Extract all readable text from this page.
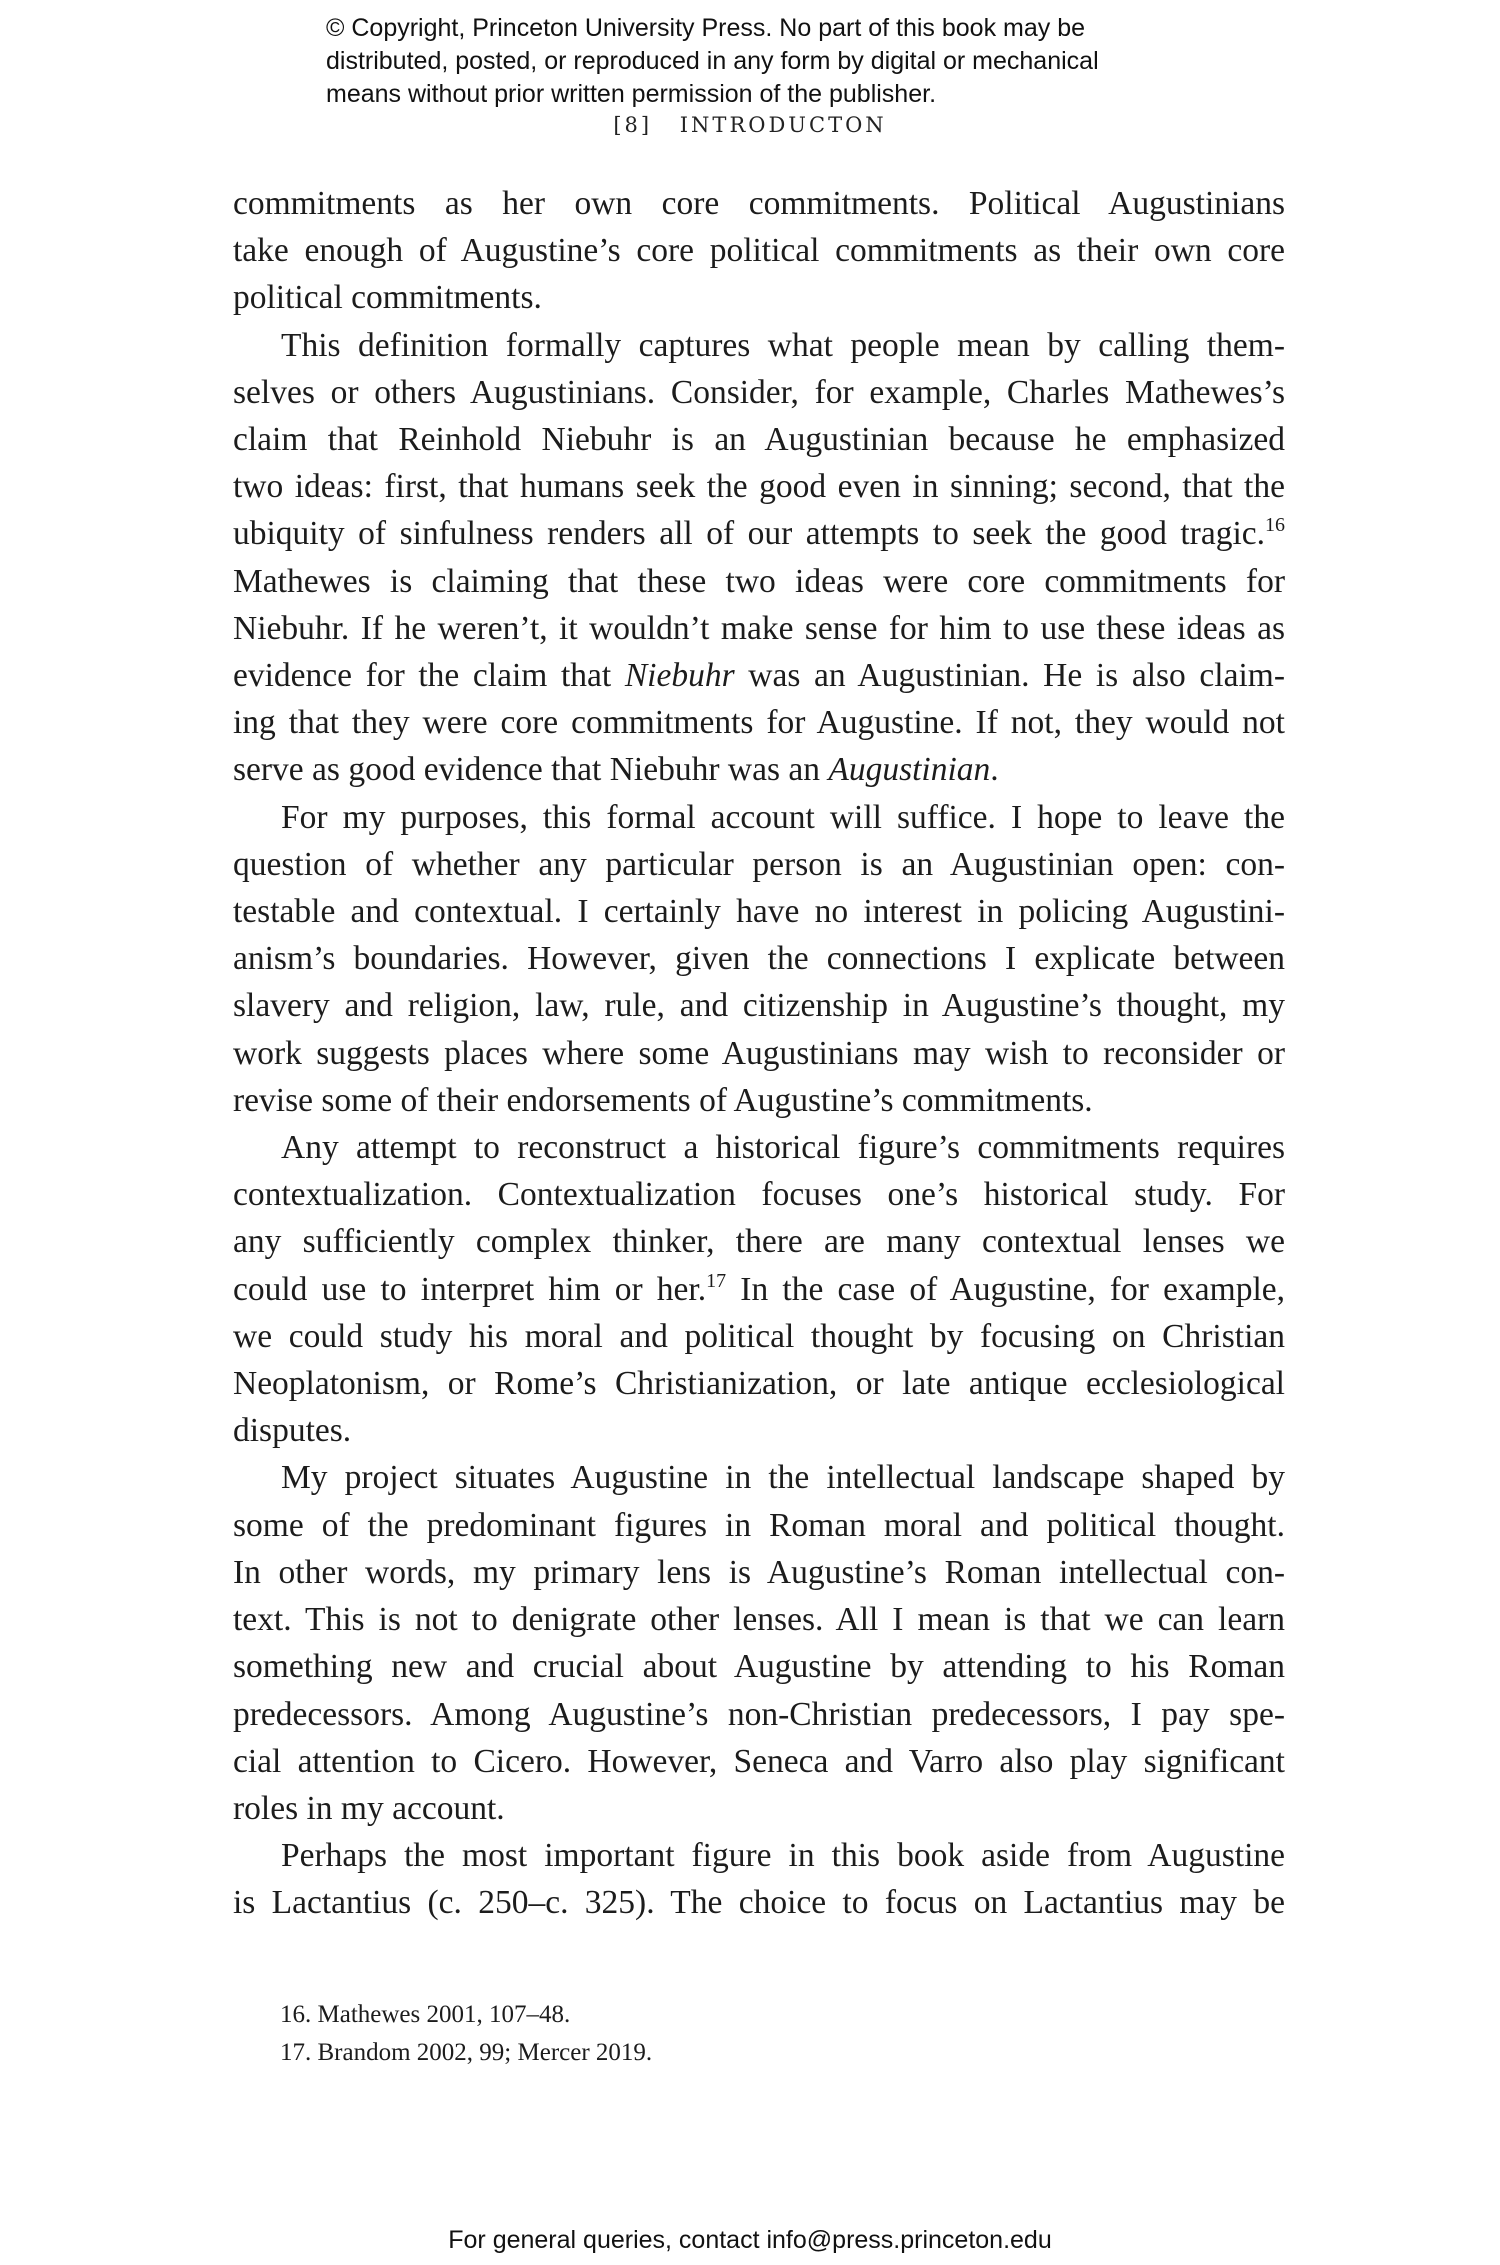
© Copyright, Princeton University Press. No part of this book may be
distributed, posted, or reproduced in any form by digital or mechanical
means without prior written permission of the publisher.
[8] INTRODUCTON

commitments as her own core commitments. Political Augustinians
take enough of Augustine’s core political commitments as their own core
political commitments.

This definition formally captures what people mean by calling them-
selves or others Augustinians. Consider, for example, Charles Mathewes’s
claim that Reinhold Niebuhr is an Augustinian because he emphasized
two ideas: first, that humans seek the good even in sinning; second, that the
ubiquity of sinfulness renders all of our attempts to seek the good tragic.$^{16}$
Mathewes is claiming that these two ideas were core commitments for
Niebuhr. If he weren’t, it wouldn’t make sense for him to use these ideas as
evidence for the claim that Niebuhr was an Augustinian. He is also claim-
ing that they were core commitments for Augustine. If not, they would not
serve as good evidence that Niebuhr was an Augustinian.

For my purposes, this formal account will suffice. I hope to leave the
question of whether any particular person is an Augustinian open: con-
testable and contextual. I certainly have no interest in policing Augustini-
anism’s boundaries. However, given the connections I explicate between
slavery and religion, law, rule, and citizenship in Augustine’s thought, my
work suggests places where some Augustinians may wish to reconsider or
revise some of their endorsements of Augustine’s commitments.

Any attempt to reconstruct a historical figure’s commitments requires
contextualization. Contextualization focuses one’s historical study. For
any sufficiently complex thinker, there are many contextual lenses we
could use to interpret him or her.$^{17}$ In the case of Augustine, for example,
we could study his moral and political thought by focusing on Christian
Neoplatonism, or Rome’s Christianization, or late antique ecclesiological
disputes.

My project situates Augustine in the intellectual landscape shaped by
some of the predominant figures in Roman moral and political thought.
In other words, my primary lens is Augustine’s Roman intellectual con-
text. This is not to denigrate other lenses. All I mean is that we can learn
something new and crucial about Augustine by attending to his Roman
predecessors. Among Augustine’s non-Christian predecessors, I pay spe-
cial attention to Cicero. However, Seneca and Varro also play significant
roles in my account.

Perhaps the most important figure in this book aside from Augustine
is Lactantius (c. 250–c. 325). The choice to focus on Lactantius may be

16. Mathewes 2001, 107–48.
17. Brandom 2002, 99; Mercer 2019.
For general queries, contact info@press.princeton.edu
